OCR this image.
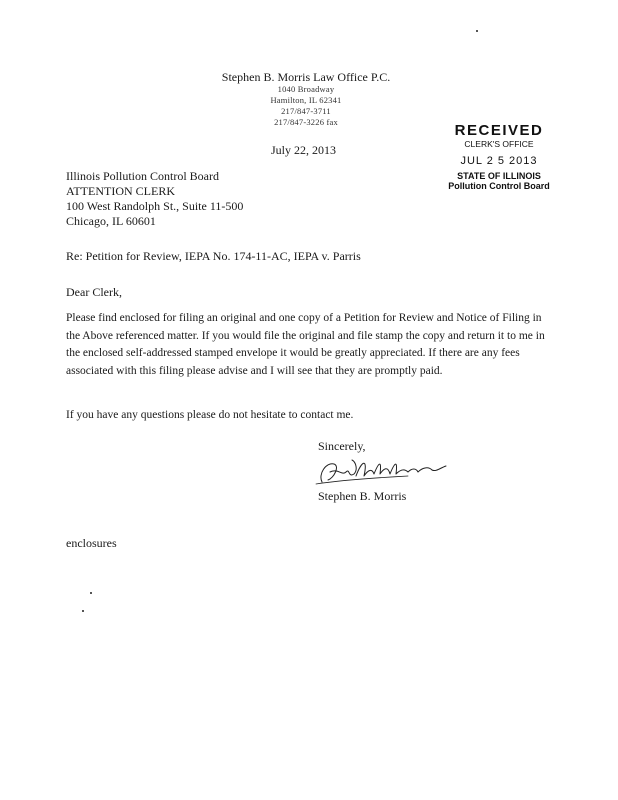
Stephen B. Morris Law Office P.C.
1040 Broadway
Hamilton, IL 62341
217/847-3711
217/847-3226 fax
July 22, 2013
RECEIVED
CLERK'S OFFICE
JUL 2 5 2013
STATE OF ILLINOIS
Pollution Control Board
Illinois Pollution Control Board
ATTENTION CLERK
100 West Randolph St., Suite 11-500
Chicago, IL 60601
Re: Petition for Review, IEPA No. 174-11-AC, IEPA v. Parris
Dear Clerk,

Please find enclosed for filing an original and one copy of a Petition for Review and Notice of Filing in the Above referenced matter. If you would file the original and file stamp the copy and return it to me in the enclosed self-addressed stamped envelope it would be greatly appreciated. If there are any fees associated with this filing please advise and I will see that they are promptly paid.

If you have any questions please do not hesitate to contact me.

Sincerely,
Stephen B. Morris
enclosures
